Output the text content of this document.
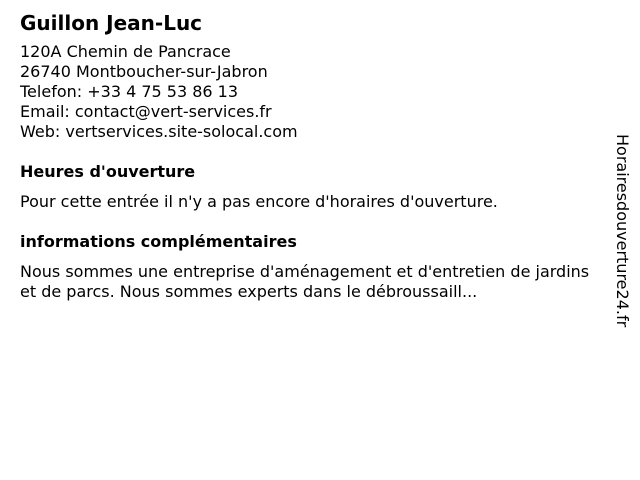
Guillon Jean-Luc
120A Chemin de Pancrace
26740 Montboucher-sur-Jabron
Telefon: +33 4 75 53 86 13
Email: contact@vert-services.fr
Web: vertservices.site-solocal.com
Heures d'ouverture
Pour cette entrée il n'y a pas encore d'horaires d'ouverture.
informations complémentaires
Nous sommes une entreprise d'aménagement et d'entretien de jardins et de parcs. Nous sommes experts dans le débroussaill...	Horairesdouverture24.fr
